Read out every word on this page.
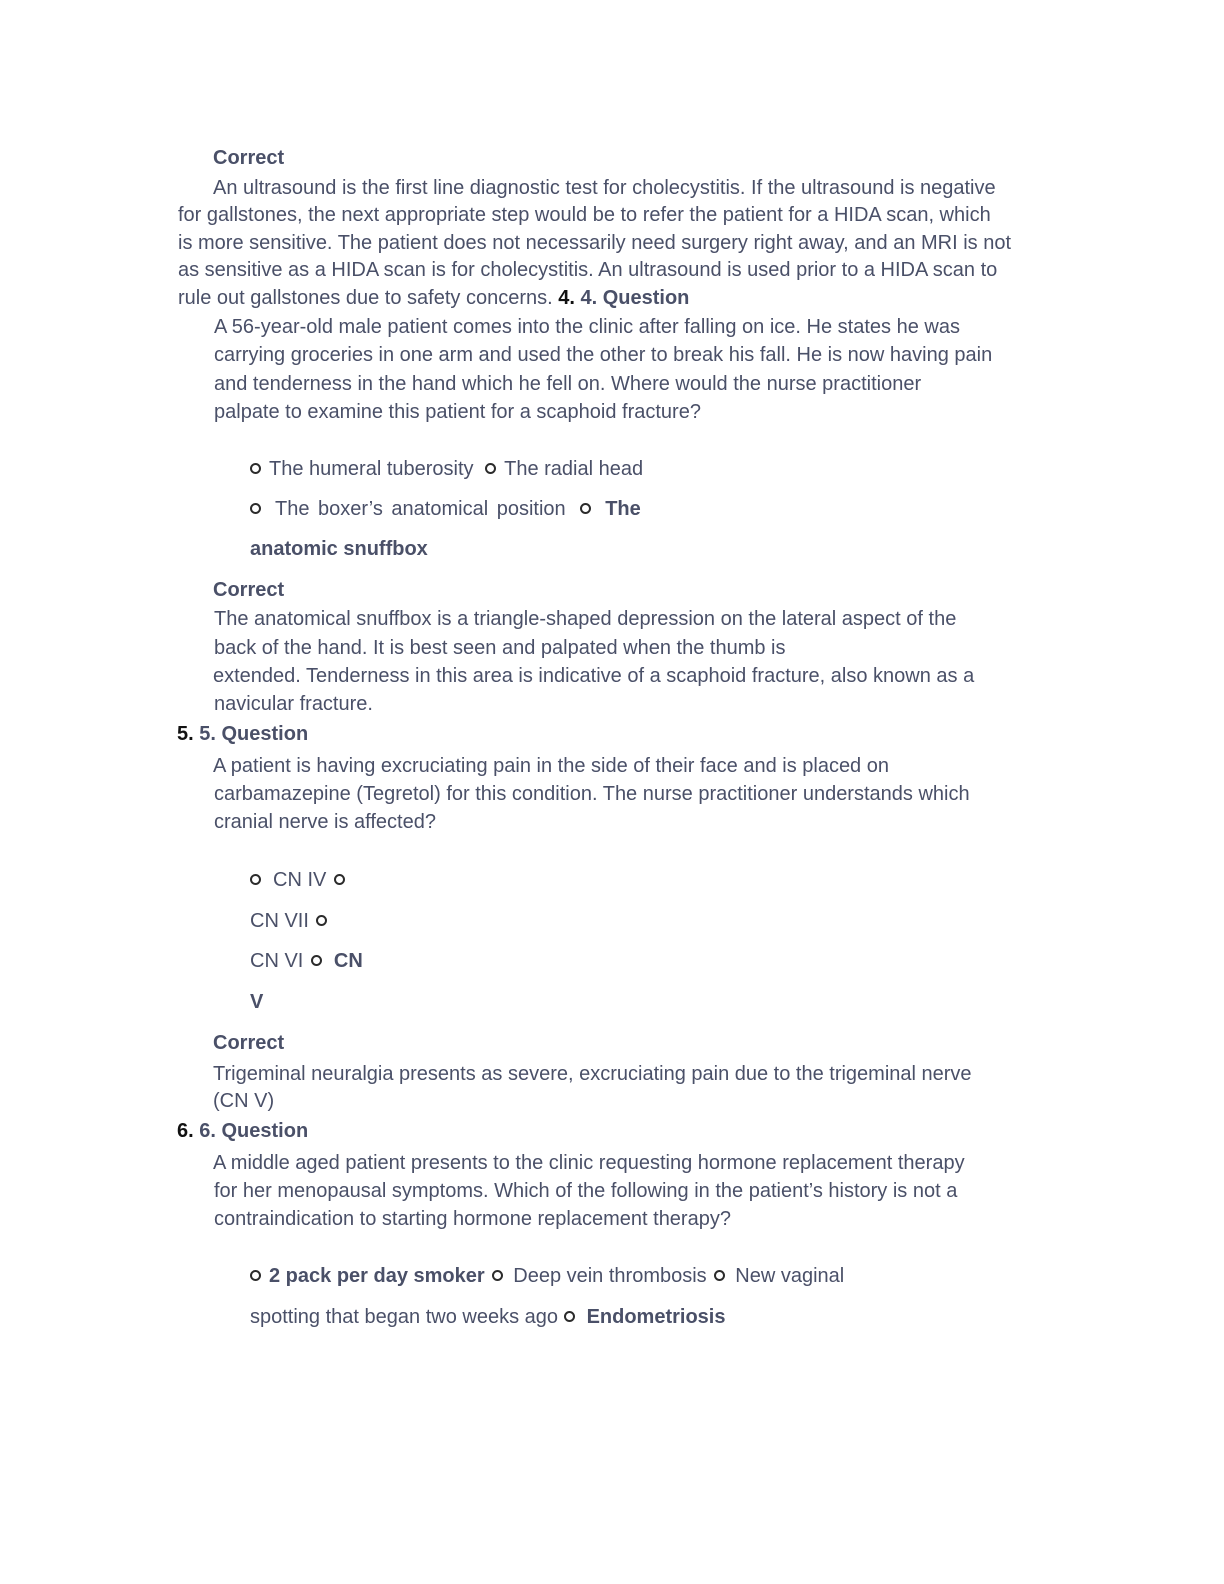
Correct
An ultrasound is the first line diagnostic test for cholecystitis. If the ultrasound is negative
for gallstones, the next appropriate step would be to refer the patient for a HIDA scan, which
is more sensitive. The patient does not necessarily need surgery right away, and an MRI is not
as sensitive as a HIDA scan is for cholecystitis. An ultrasound is used prior to a HIDA scan to
rule out gallstones due to safety concerns. 4. 4. Question
A 56-year-old male patient comes into the clinic after falling on ice. He states he was
carrying groceries in one arm and used the other to break his fall. He is now having pain
and tenderness in the hand which he fell on. Where would the nurse practitioner
palpate to examine this patient for a scaphoid fracture?
The humeral tuberosity The radial head
The boxer’s anatomical position The
anatomic snuffbox
Correct
The anatomical snuffbox is a triangle-shaped depression on the lateral aspect of the
back of the hand. It is best seen and palpated when the thumb is
extended. Tenderness in this area is indicative of a scaphoid fracture, also known as a
navicular fracture.
5. 5. Question
A patient is having excruciating pain in the side of their face and is placed on
carbamazepine (Tegretol) for this condition. The nurse practitioner understands which
cranial nerve is affected?
CN IV
CN VII
CN VI CN
V
Correct
Trigeminal neuralgia presents as severe, excruciating pain due to the trigeminal nerve
(CN V)
6. 6. Question
A middle aged patient presents to the clinic requesting hormone replacement therapy
for her menopausal symptoms. Which of the following in the patient’s history is not a
contraindication to starting hormone replacement therapy?
2 pack per day smoker Deep vein thrombosis New vaginal
spotting that began two weeks ago Endometriosis
